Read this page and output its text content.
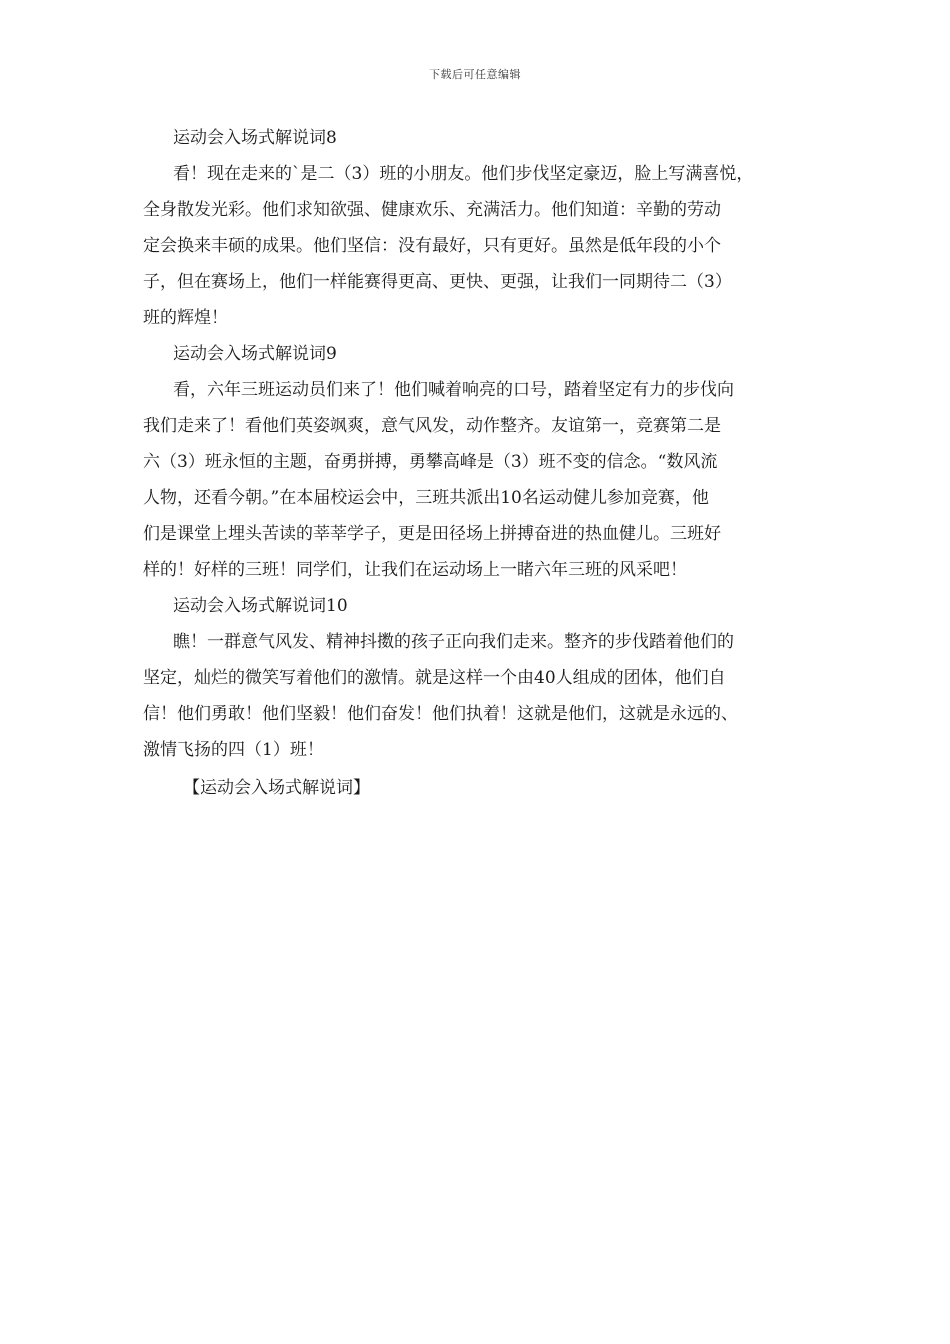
下载后可任意编辑
运动会入场式解说词8
看！现在走来的`是二（3）班的小朋友。他们步伐坚定豪迈，脸上写满喜悦，
全身散发光彩。他们求知欲强、健康欢乐、充满活力。他们知道：辛勤的劳动
定会换来丰硕的成果。他们坚信：没有最好，只有更好。虽然是低年段的小个
子，但在赛场上，他们一样能赛得更高、更快、更强，让我们一同期待二（3）
班的辉煌！
运动会入场式解说词9
看，六年三班运动员们来了！他们喊着响亮的口号，踏着坚定有力的步伐向
我们走来了！看他们英姿飒爽，意气风发，动作整齐。友谊第一，竞赛第二是
六（3）班永恒的主题，奋勇拼搏，勇攀高峰是（3）班不变的信念。“数风流
人物，还看今朝。”在本届校运会中，三班共派出10名运动健儿参加竞赛，他
们是课堂上埋头苦读的莘莘学子，更是田径场上拼搏奋进的热血健儿。三班好
样的！好样的三班！同学们，让我们在运动场上一睹六年三班的风采吧！
运动会入场式解说词10
瞧！一群意气风发、精神抖擞的孩子正向我们走来。整齐的步伐踏着他们的
坚定，灿烂的微笑写着他们的激情。就是这样一个由40人组成的团体，他们自
信！他们勇敢！他们坚毅！他们奋发！他们执着！这就是他们，这就是永远的、
激情飞扬的四（1）班！
【运动会入场式解说词】
